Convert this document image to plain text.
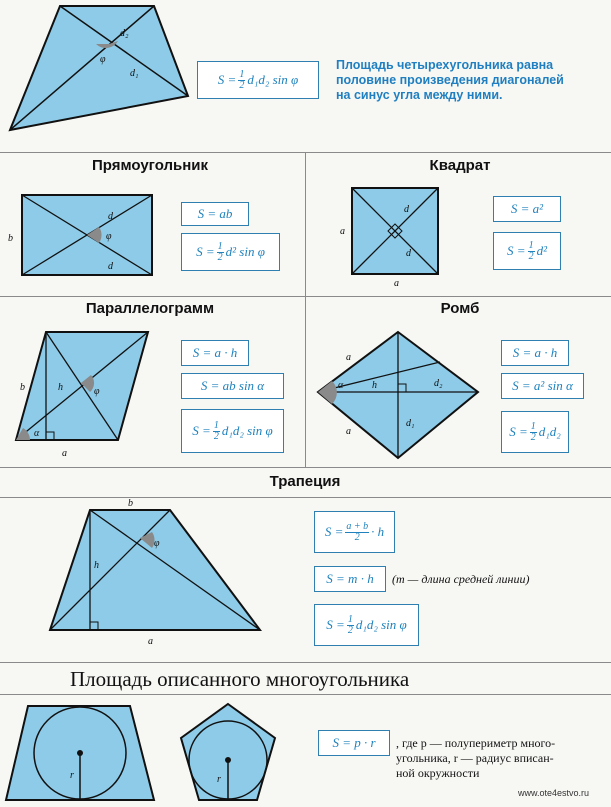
d₂
φ
d₁	$S = \frac{1}{2} d_1d_2$ sin φ
Площадь четырехугольника равна
половине произведения диагоналей
на синус угла между ними.
Прямоугольник	Квадрат
b
d
d
φ
S = ab
$S = \frac{1}{2} d^2$ sin φ
a
a
d
d
S = a²
$S = \frac{1}{2} d^2$
Параллелограмм	Ромб
b	h
α
φ
a
S = a · h
S = ab sin α
$S = \frac{1}{2} d_1d_2$ sin φ
a
a
α	h	d₂
d₁
S = a · h
S = a² sin α
$S = \frac{1}{2} d_1d_2$
Трапеция
b
h
φ
a
$S = \frac{a + b}{2} \cdot h$
S = m · h	(m — длина средней линии)
$S = \frac{1}{2} d_1d_2$ sin φ
Площадь описанного многоугольника
r	r
S = p · r	, где p — полупериметр много-
угольника, r — радиус вписан-
ной окружности
www.ote4estvo.ru
